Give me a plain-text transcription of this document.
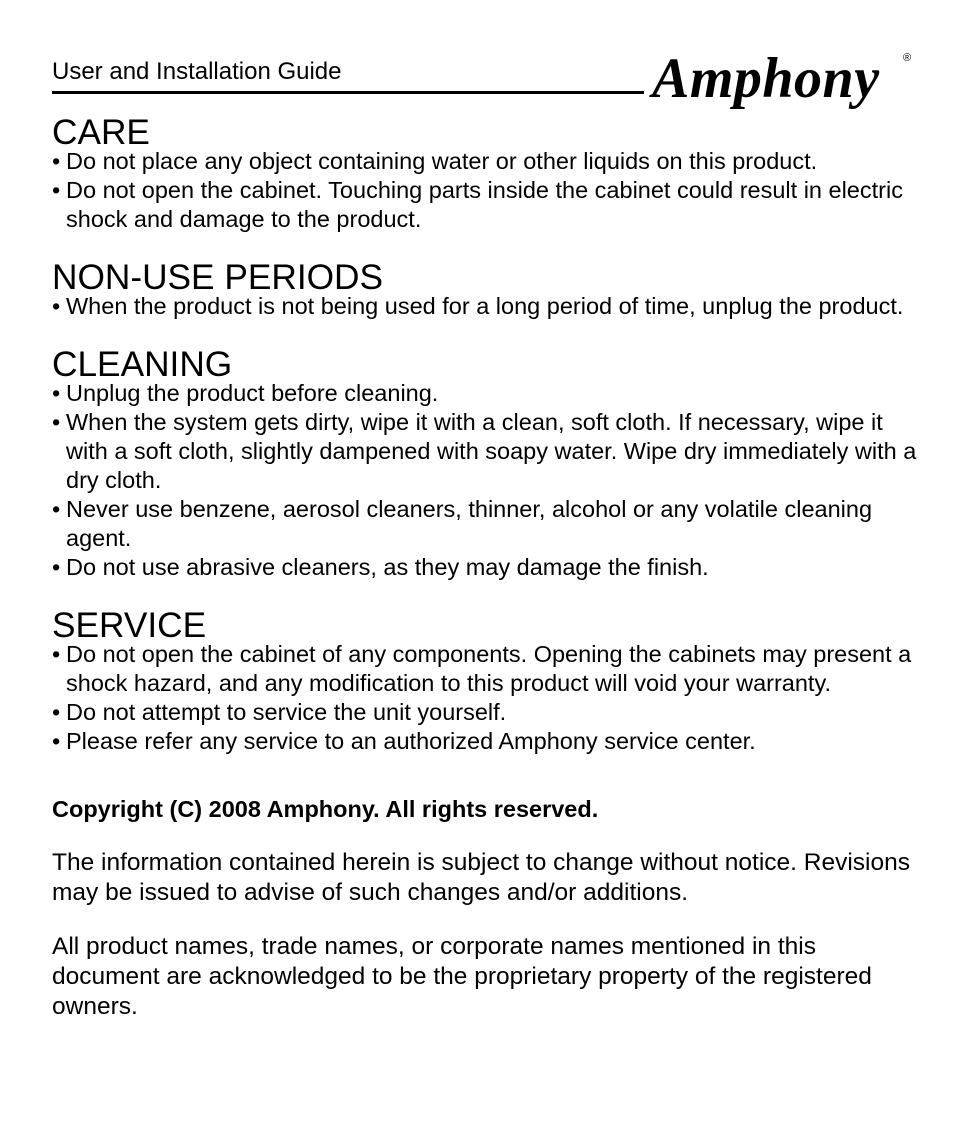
User and Installation Guide	Amphony ®
CARE
• Do not place any object containing water or other liquids on this product.
• Do not open the cabinet. Touching parts inside the cabinet could result in electric shock and damage to the product.
NON-USE PERIODS
• When the product is not being used for a long period of time, unplug the product.
CLEANING
• Unplug the product before cleaning.
• When the system gets dirty, wipe it with a clean, soft cloth. If necessary, wipe it with a soft cloth, slightly dampened with soapy water. Wipe dry immediately with a dry cloth.
• Never use benzene, aerosol cleaners, thinner, alcohol or any volatile cleaning agent.
• Do not use abrasive cleaners, as they may damage the finish.
SERVICE
• Do not open the cabinet of any components. Opening the cabinets may present a shock hazard, and any modification to this product will void your warranty.
• Do not attempt to service the unit yourself.
• Please refer any service to an authorized Amphony service center.

Copyright (C) 2008 Amphony. All rights reserved.

The information contained herein is subject to change without notice. Revisions may be issued to advise of such changes and/or additions.

All product names, trade names, or corporate names mentioned in this document are acknowledged to be the proprietary property of the registered owners.
